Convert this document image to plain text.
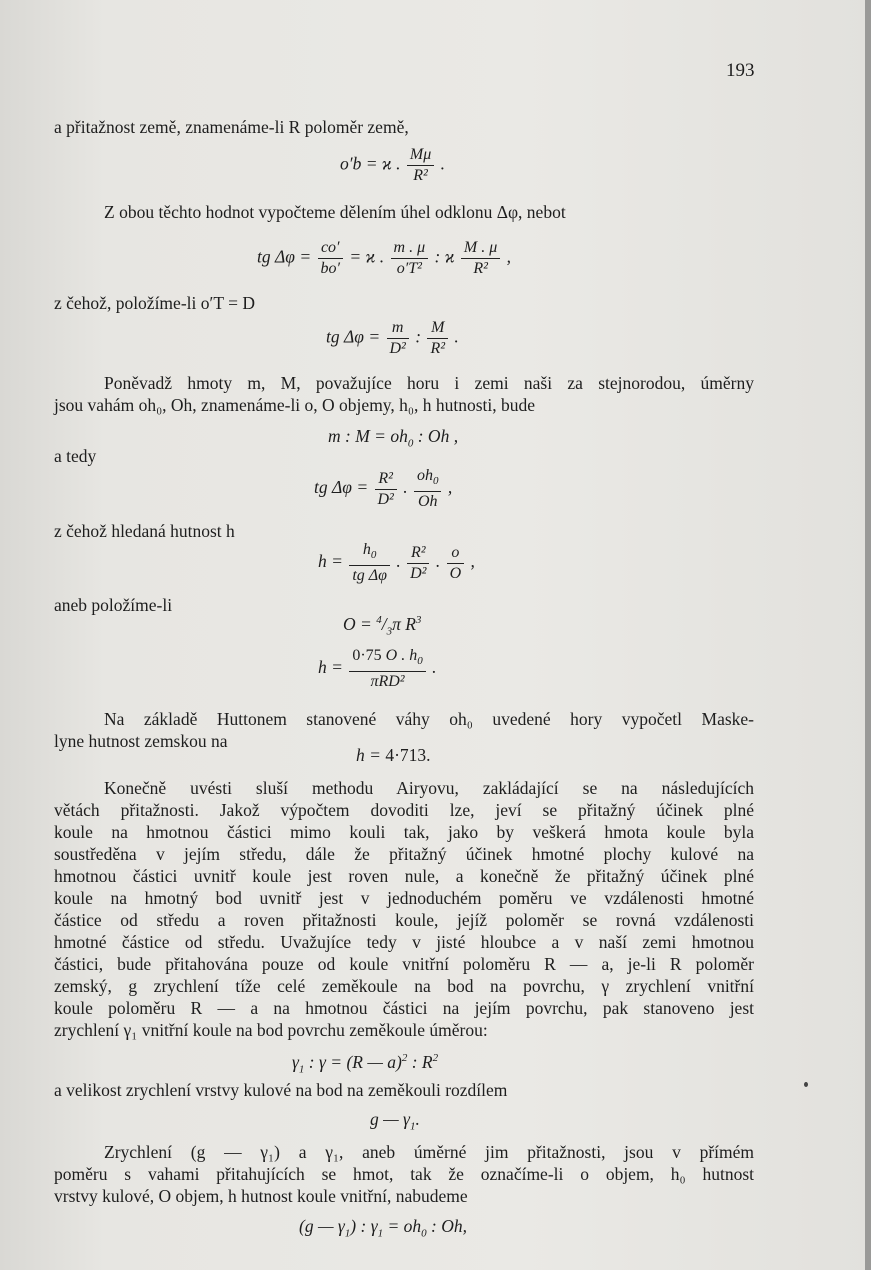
193
a přitažnost země, znamenáme-li R poloměr země,
o′b = ϰ . $\frac{M\mu}{\text{R²}}$ .
Z obou těchto hodnot vypočteme dělením úhel odklonu Δφ, nebot
tg $\Delta\varphi = \frac{co'}{bo'} = ϰ$ . $\frac{m . \mu}{\text{o′T²}}$ : ϰ $\frac{M . \mu}{\text{R²}}$ ,
z čehož, položíme-li o′T = D
tg $\Delta\varphi = \frac{m}{\text{D²}}$ : $\frac{M}{\text{R²}}$ .
Poněvadž hmoty m, M, považujíce horu i zemi naši za stejnorodou, úměrny
jsou vahám oh₀, Oh, znamenáme-li o, O objemy, h₀, h hutnosti, bude
m : $M = oh_0$ : Oh ,
a tedy
tg $\Delta\varphi = \frac{\text{R²}}{\text{D²}}$ . $\frac{oh_0}{Oh}$ ,
z čehož hledaná hutnost h
$h = \frac{h_0}{\text{tg Δφ}}$ . $\frac{\text{R²}}{\text{D²}}$ . $\frac{o}{O}$ ,
aneb položíme-li
$O = ^4/_3\pi$ $R^3$
$h = \frac{0\cdot 75 O . h_0}{\text{πRD²}}$ .
Na základě Huttonem stanovené váhy oh₀ uvedené hory vypočetl Maske-
lyne hutnost zemskou na
h = 4·713.
Konečně uvésti sluší methodu Airyovu, zakládající se na následujících
větách přitažnosti. Jakož výpočtem dovoditi lze, jeví se přitažný účinek plné
koule na hmotnou částici mimo kouli tak, jako by veškerá hmota koule byla
soustředěna v jejím středu, dále že přitažný účinek hmotné plochy kulové na
hmotnou částici uvnitř koule jest roven nule, a konečně že přitažný účinek plné
koule na hmotný bod uvnitř jest v jednoduchém poměru ve vzdálenosti hmotné
částice od středu a roven přitažnosti koule, jejíž poloměr se rovná vzdálenosti
hmotné částice od středu. Uvažujíce tedy v jisté hloubce a v naší zemi hmotnou
částici, bude přitahována pouze od koule vnitřní poloměru R — a, je-li R poloměr
zemský, g zrychlení tíže celé zeměkoule na bod na povrchu, γ zrychlení vnitřní
koule poloměru R — a na hmotnou částici na jejím povrchu, pak stanoveno jest
zrychlení γ₁ vnitřní koule na bod povrchu zeměkoule úměrou:
$\gamma_1$ : γ = (R — a)$^2$ : $R^2$
a velikost zrychlení vrstvy kulové na bod na zeměkouli rozdílem
g — $\gamma_1$.
Zrychlení (g — γ₁) a γ₁, aneb úměrné jim přitažnosti, jsou v přímém
poměru s vahami přitahujících se hmot, tak že označíme-li o objem, h₀ hutnost
vrstvy kulové, O objem, h hutnost koule vnitřní, nabudeme
(g — $\gamma_1$) : $\gamma_1 = oh_0$ : Oh,
